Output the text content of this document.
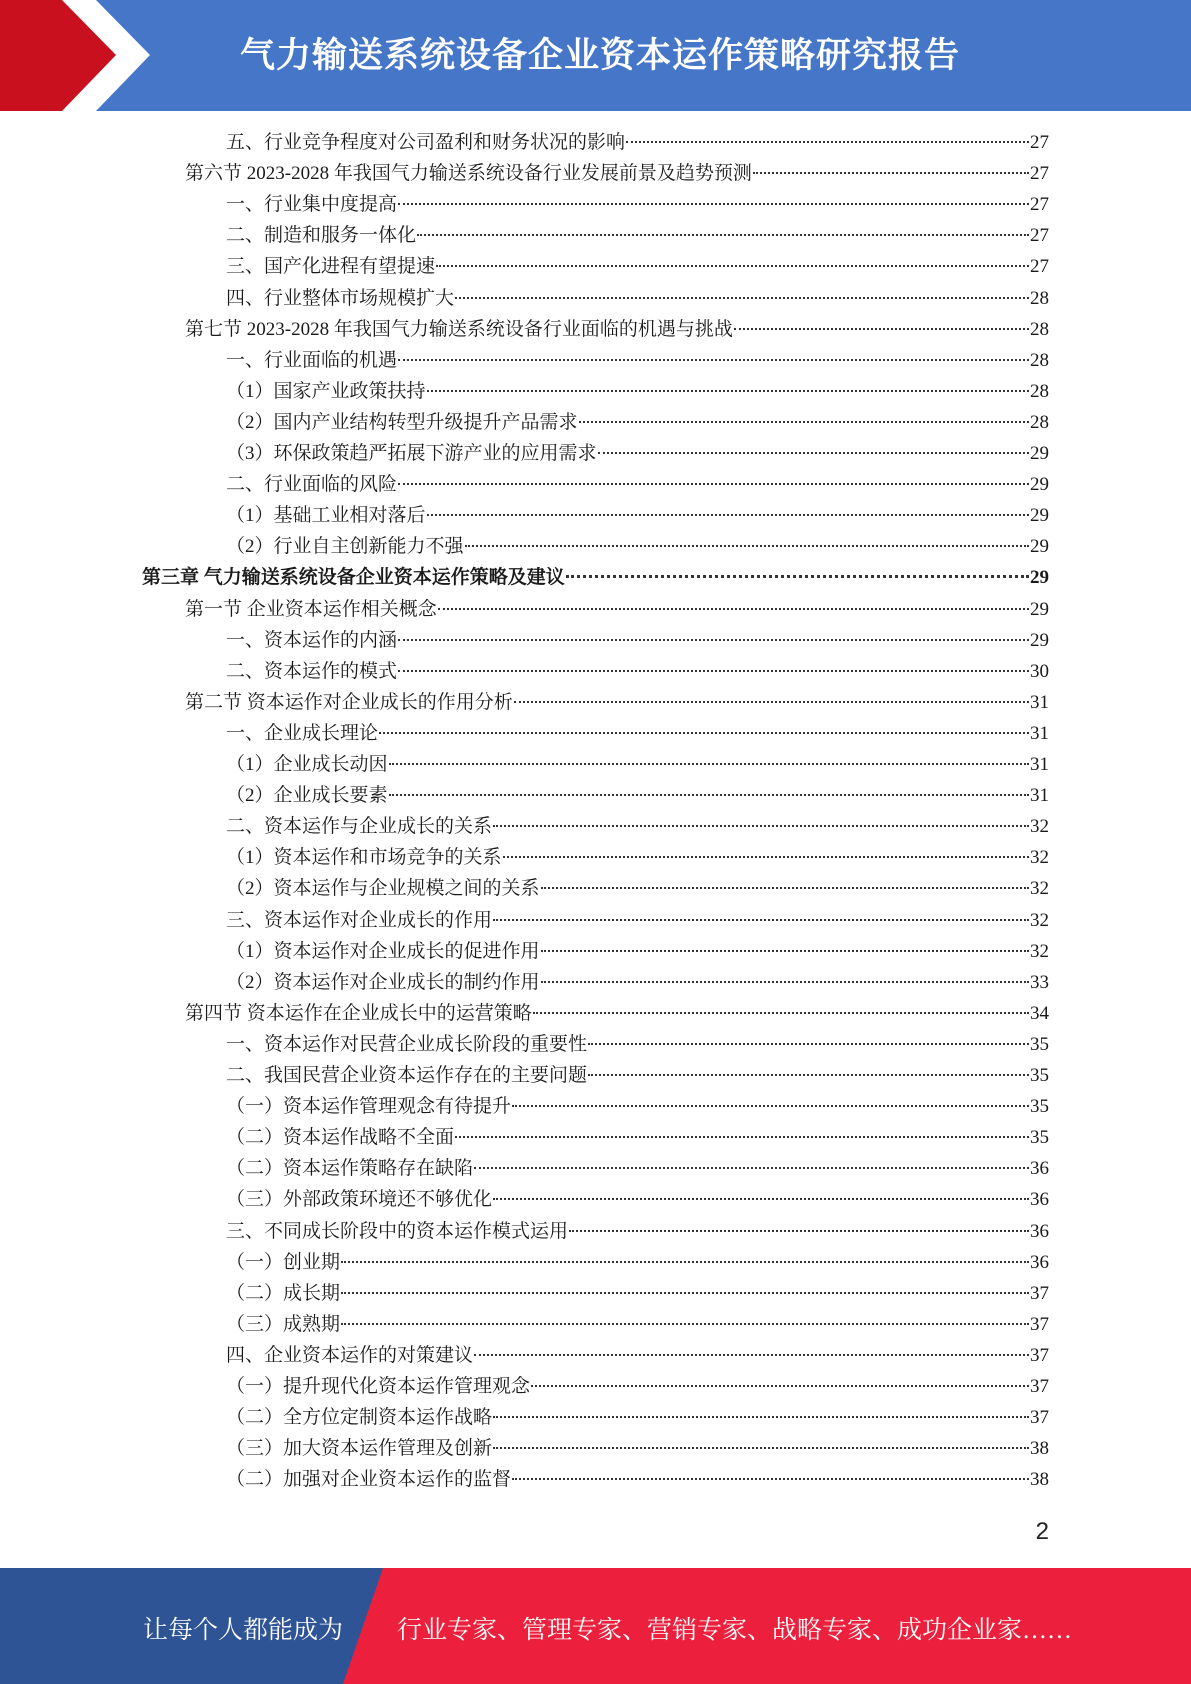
气力输送系统设备企业资本运作策略研究报告
五、行业竞争程度对公司盈利和财务状况的影响	27
第六节 2023-2028 年我国气力输送系统设备行业发展前景及趋势预测	27
一、行业集中度提高	27
二、制造和服务一体化	27
三、国产化进程有望提速	27
四、行业整体市场规模扩大	28
第七节 2023-2028 年我国气力输送系统设备行业面临的机遇与挑战	28
一、行业面临的机遇	28
（1）国家产业政策扶持	28
（2）国内产业结构转型升级提升产品需求	28
（3）环保政策趋严拓展下游产业的应用需求	29
二、行业面临的风险	29
（1）基础工业相对落后	29
（2）行业自主创新能力不强	29
第三章 气力输送系统设备企业资本运作策略及建议	29
第一节 企业资本运作相关概念	29
一、资本运作的内涵	29
二、资本运作的模式	30
第二节 资本运作对企业成长的作用分析	31
一、企业成长理论	31
（1）企业成长动因	31
（2）企业成长要素	31
二、资本运作与企业成长的关系	32
（1）资本运作和市场竞争的关系	32
（2）资本运作与企业规模之间的关系	32
三、资本运作对企业成长的作用	32
（1）资本运作对企业成长的促进作用	32
（2）资本运作对企业成长的制约作用	33
第四节 资本运作在企业成长中的运营策略	34
一、资本运作对民营企业成长阶段的重要性	35
二、我国民营企业资本运作存在的主要问题	35
（一）资本运作管理观念有待提升	35
（二）资本运作战略不全面	35
（二）资本运作策略存在缺陷	36
（三）外部政策环境还不够优化	36
三、不同成长阶段中的资本运作模式运用	36
（一）创业期	36
（二）成长期	37
（三）成熟期	37
四、企业资本运作的对策建议	37
（一）提升现代化资本运作管理观念	37
（二）全方位定制资本运作战略	37
（三）加大资本运作管理及创新	38
（二）加强对企业资本运作的监督	38
2
让每个人都能成为 行业专家、管理专家、营销专家、战略专家、成功企业家……
